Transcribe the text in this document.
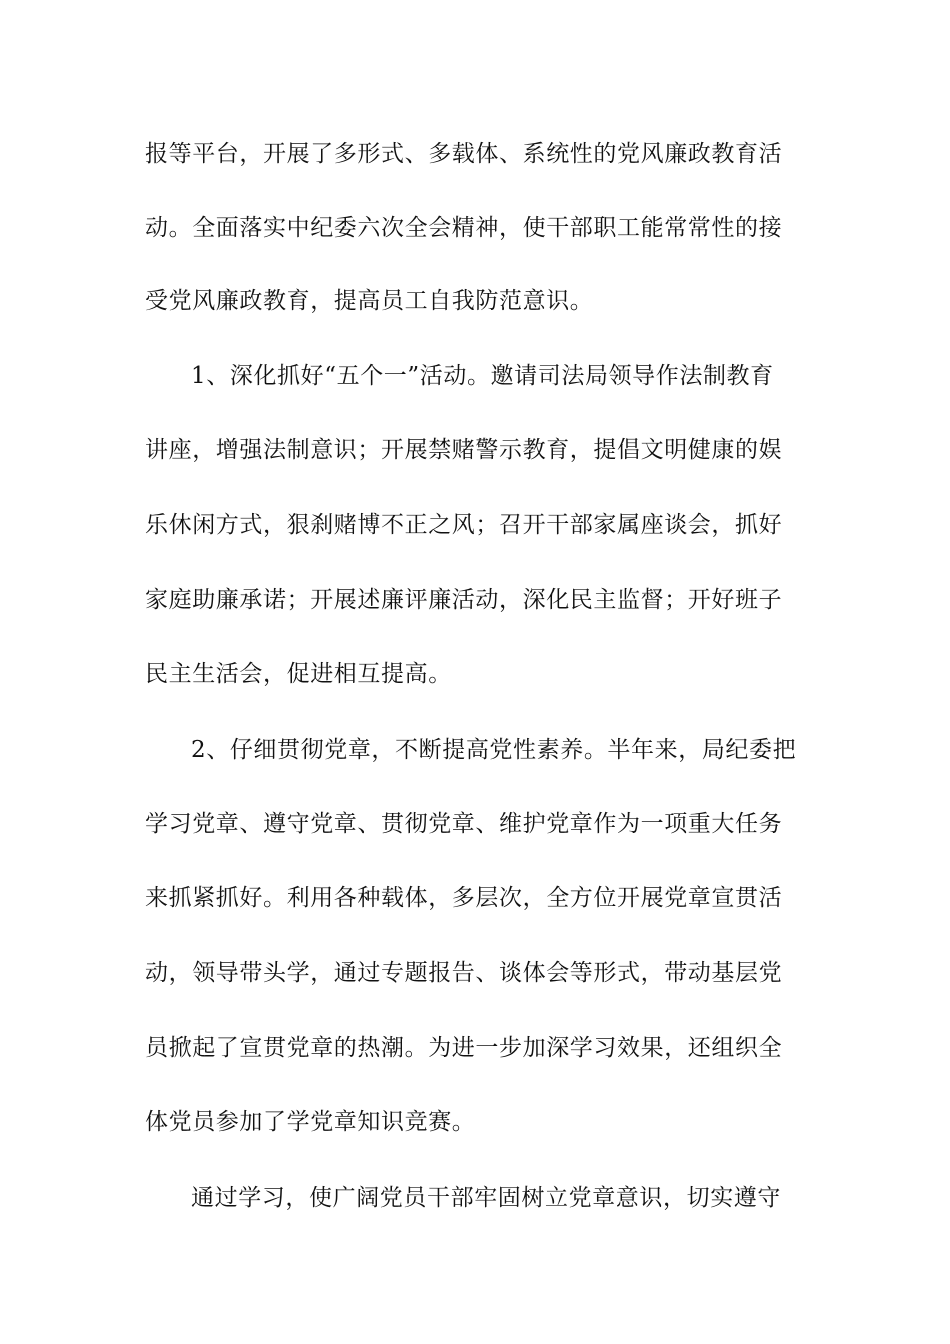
报等平台，开展了多形式、多载体、系统性的党风廉政教育活
动。全面落实中纪委六次全会精神，使干部职工能常常性的接
受党风廉政教育，提高员工自我防范意识。
1、深化抓好“五个一”活动。邀请司法局领导作法制教育
讲座，增强法制意识；开展禁赌警示教育，提倡文明健康的娱
乐休闲方式，狠刹赌博不正之风；召开干部家属座谈会，抓好
家庭助廉承诺；开展述廉评廉活动，深化民主监督；开好班子
民主生活会，促进相互提高。
2、仔细贯彻党章，不断提高党性素养。半年来，局纪委把
学习党章、遵守党章、贯彻党章、维护党章作为一项重大任务
来抓紧抓好。利用各种载体，多层次，全方位开展党章宣贯活
动，领导带头学，通过专题报告、谈体会等形式，带动基层党
员掀起了宣贯党章的热潮。为进一步加深学习效果，还组织全
体党员参加了学党章知识竞赛。
通过学习，使广阔党员干部牢固树立党章意识，切实遵守
